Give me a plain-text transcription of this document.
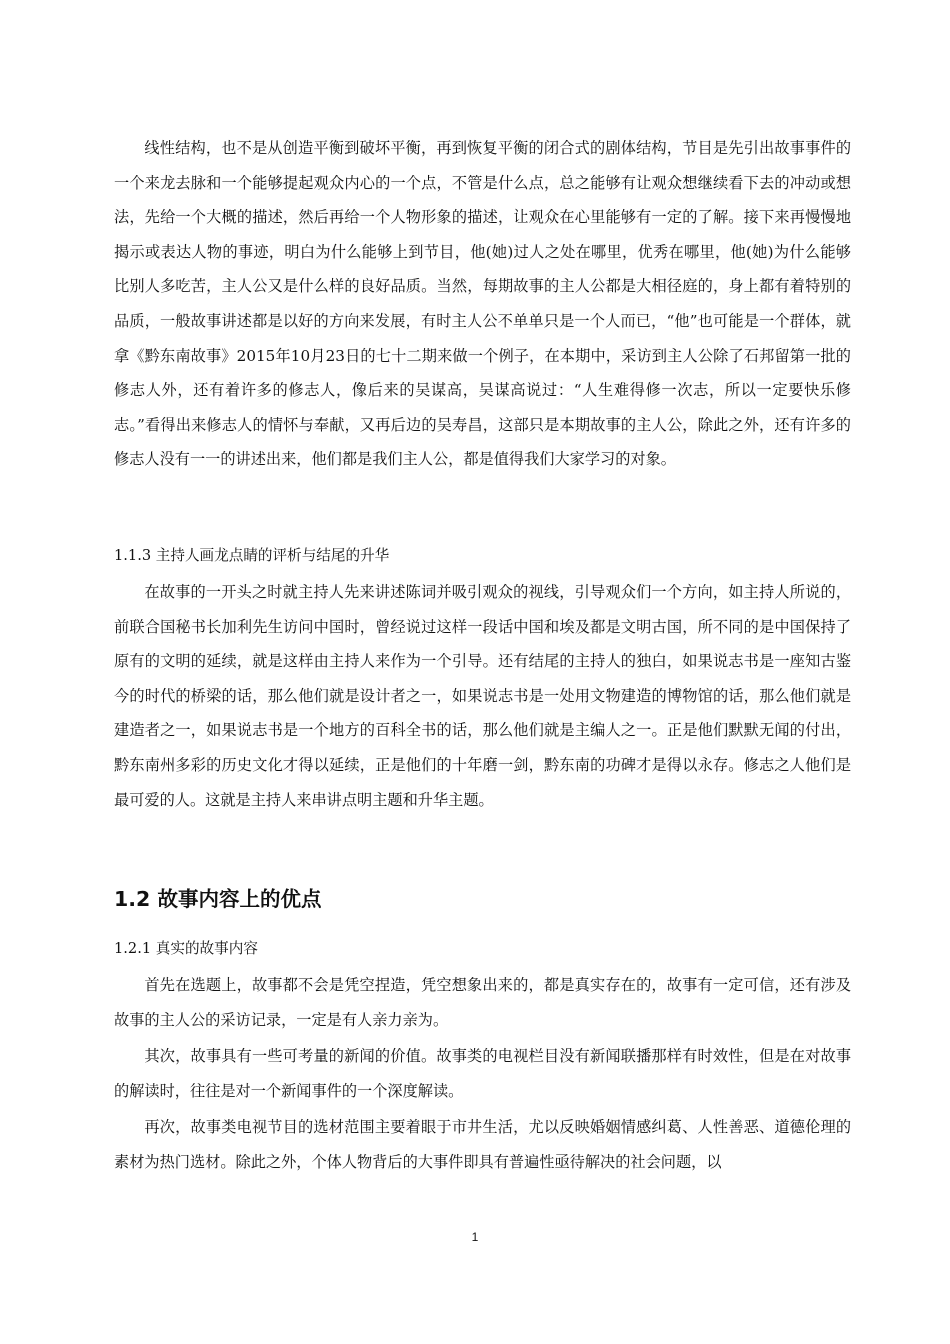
线性结构，也不是从创造平衡到破坏平衡，再到恢复平衡的闭合式的剧体结构，节目是先引出故事事件的一个来龙去脉和一个能够提起观众内心的一个点，不管是什么点，总之能够有让观众想继续看下去的冲动或想法，先给一个大概的描述，然后再给一个人物形象的描述，让观众在心里能够有一定的了解。接下来再慢慢地揭示或表达人物的事迹，明白为什么能够上到节目，他(她)过人之处在哪里，优秀在哪里，他(她)为什么能够比别人多吃苦，主人公又是什么样的良好品质。当然，每期故事的主人公都是大相径庭的，身上都有着特别的品质，一般故事讲述都是以好的方向来发展，有时主人公不单单只是一个人而已，“他”也可能是一个群体，就拿《黔东南故事》2015年10月23日的七十二期来做一个例子，在本期中，采访到主人公除了石邦留第一批的修志人外，还有着许多的修志人，像后来的吴谋高，吴谋高说过：“人生难得修一次志，所以一定要快乐修志。”看得出来修志人的情怀与奉献，又再后边的吴寿昌，这部只是本期故事的主人公，除此之外，还有许多的修志人没有一一的讲述出来，他们都是我们主人公，都是值得我们大家学习的对象。

1.1.3 主持人画龙点睛的评析与结尾的升华

在故事的一开头之时就主持人先来讲述陈词并吸引观众的视线，引导观众们一个方向，如主持人所说的，前联合国秘书长加利先生访问中国时，曾经说过这样一段话中国和埃及都是文明古国，所不同的是中国保持了原有的文明的延续，就是这样由主持人来作为一个引导。还有结尾的主持人的独白，如果说志书是一座知古鉴今的时代的桥梁的话，那么他们就是设计者之一，如果说志书是一处用文物建造的博物馆的话，那么他们就是建造者之一，如果说志书是一个地方的百科全书的话，那么他们就是主编人之一。正是他们默默无闻的付出，黔东南州多彩的历史文化才得以延续，正是他们的十年磨一剑，黔东南的功碑才是得以永存。修志之人他们是最可爱的人。这就是主持人来串讲点明主题和升华主题。

1.2 故事内容上的优点

1.2.1 真实的故事内容

首先在选题上，故事都不会是凭空捏造，凭空想象出来的，都是真实存在的，故事有一定可信，还有涉及故事的主人公的采访记录，一定是有人亲力亲为。

其次，故事具有一些可考量的新闻的价值。故事类的电视栏目没有新闻联播那样有时效性，但是在对故事的解读时，往往是对一个新闻事件的一个深度解读。

再次，故事类电视节目的选材范围主要着眼于市井生活，尤以反映婚姻情感纠葛、人性善恶、道德伦理的素材为热门选材。除此之外，个体人物背后的大事件即具有普遍性亟待解决的社会问题，以

1
